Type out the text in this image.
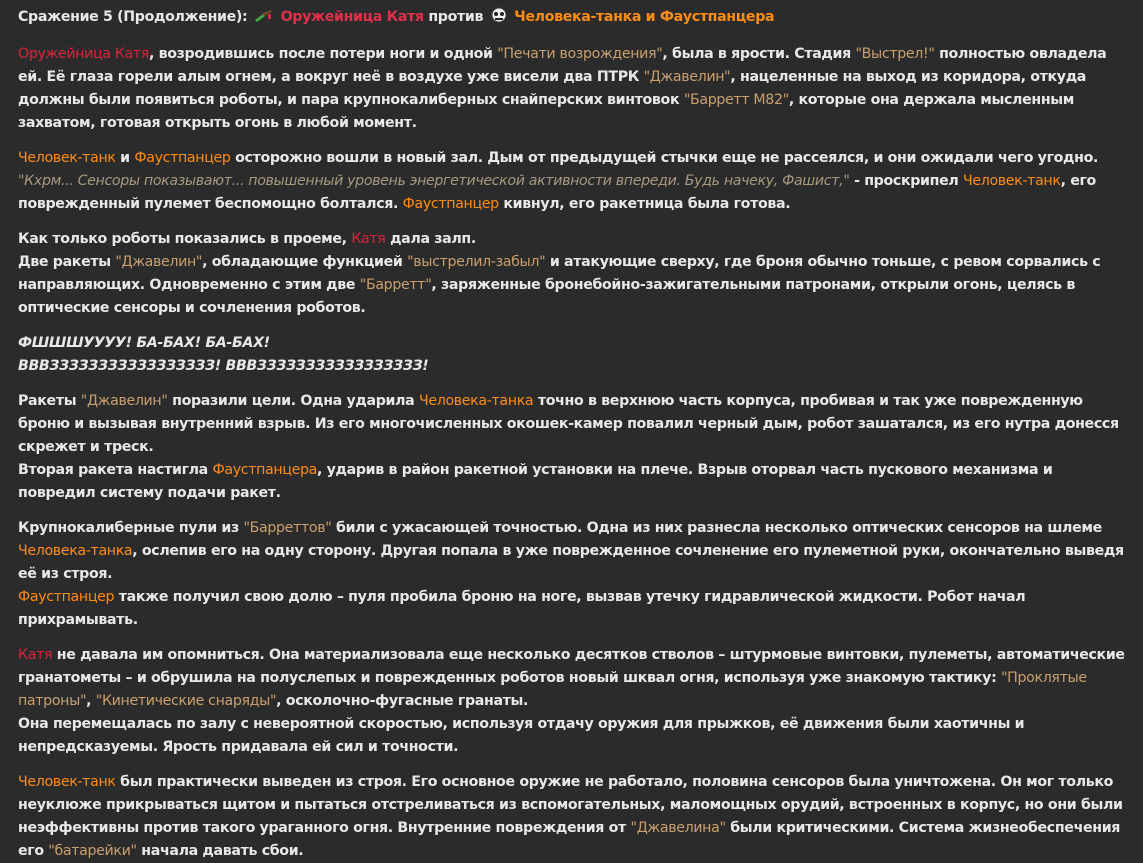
Сражение 5 (Продолжение): Оружейница Катя против Человека-танка и Фаустпанцера

Оружейница Катя, возродившись после потери ноги и одной "Печати возрождения", была в ярости. Стадия "Выстрел!" полностью овладела ей. Её глаза горели алым огнем, а вокруг неё в воздухе уже висели два ПТРК "Джавелин", нацеленные на выход из коридора, откуда должны были появиться роботы, и пара крупнокалиберных снайперских винтовок "Барретт M82", которые она держала мысленным захватом, готовая открыть огонь в любой момент.

Человек-танк и Фаустпанцер осторожно вошли в новый зал. Дым от предыдущей стычки еще не рассеялся, и они ожидали чего угодно.
"Кхрм... Сенсоры показывают... повышенный уровень энергетической активности впереди. Будь начеку, Фашист," - проскрипел Человек-танк, его поврежденный пулемет беспомощно болтался. Фаустпанцер кивнул, его ракетница была готова.

Как только роботы показались в проеме, Катя дала залп.
Две ракеты "Джавелин", обладающие функцией "выстрелил-забыл" и атакующие сверху, где броня обычно тоньше, с ревом сорвались с направляющих. Одновременно с этим две "Барретт", заряженные бронебойно-зажигательными патронами, открыли огонь, целясь в оптические сенсоры и сочленения роботов.

ФШШШУУУУ! БА-БАХ! БА-БАХ!
ВВВЗЗЗЗЗЗЗЗЗЗЗЗЗЗЗЗЗ! ВВВЗЗЗЗЗЗЗЗЗЗЗЗЗЗЗЗЗ!

Ракеты "Джавелин" поразили цели. Одна ударила Человека-танка точно в верхнюю часть корпуса, пробивая и так уже поврежденную броню и вызывая внутренний взрыв. Из его многочисленных окошек-камер повалил черный дым, робот зашатался, из его нутра донесся скрежет и треск.
Вторая ракета настигла Фаустпанцера, ударив в район ракетной установки на плече. Взрыв оторвал часть пускового механизма и повредил систему подачи ракет.

Крупнокалиберные пули из "Барреттов" били с ужасающей точностью. Одна из них разнесла несколько оптических сенсоров на шлеме Человека-танка, ослепив его на одну сторону. Другая попала в уже поврежденное сочленение его пулеметной руки, окончательно выведя её из строя.
Фаустпанцер также получил свою долю – пуля пробила броню на ноге, вызвав утечку гидравлической жидкости. Робот начал прихрамывать.

Катя не давала им опомниться. Она материализовала еще несколько десятков стволов – штурмовые винтовки, пулеметы, автоматические гранатометы – и обрушила на полуслепых и поврежденных роботов новый шквал огня, используя уже знакомую тактику: "Проклятые патроны", "Кинетические снаряды", осколочно-фугасные гранаты.
Она перемещалась по залу с невероятной скоростью, используя отдачу оружия для прыжков, её движения были хаотичны и непредсказуемы. Ярость придавала ей сил и точности.

Человек-танк был практически выведен из строя. Его основное оружие не работало, половина сенсоров была уничтожена. Он мог только неуклюже прикрываться щитом и пытаться отстреливаться из вспомогательных, маломощных орудий, встроенных в корпус, но они были неэффективны против такого ураганного огня. Внутренние повреждения от "Джавелина" были критическими. Система жизнеобеспечения его "батарейки" начала давать сбои.
